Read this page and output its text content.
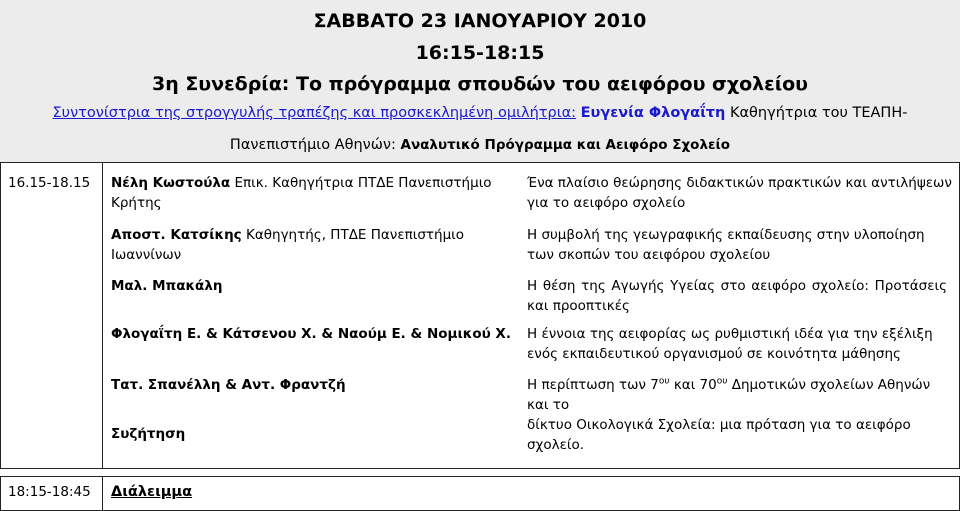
ΣΑΒΒΑΤΟ 23 ΙΑΝΟΥΑΡΙΟΥ 2010
16:15-18:15
3η Συνεδρία: Το πρόγραμμα σπουδών του αειφόρου σχολείου
Συντονίστρια της στρογγυλής τραπέζης και προσκεκλημένη ομιλήτρια: Ευγενία Φλογαΐτη Καθηγήτρια του ΤΕΑΠΗ-
Πανεπιστήμιο Αθηνών: Αναλυτικό Πρόγραμμα και Αειφόρο Σχολείο
16.15-18.15 Νέλη Κωστούλα Επικ. Καθηγήτρια ΠΤΔΕ Πανεπιστήμιο Κρήτης
Ένα πλαίσιο θεώρησης διδακτικών πρακτικών και αντιλήψεων για το αειφόρο σχολείο
Αποστ. Κατσίκης Καθηγητής, ΠΤΔΕ Πανεπιστήμιο Ιωαννίνων
Η συμβολή της γεωγραφικής εκπαίδευσης στην υλοποίηση των σκοπών του αειφόρου σχολείου
Μαλ. Μπακάλη	Η θέση της Αγωγής Υγείας στο αειφόρο σχολείο: Προτάσεις και προοπτικές
Φλογαΐτη Ε. & Κάτσενου Χ. & Ναούμ Ε. & Νομικού Χ. Η έννοια της αειφορίας ως ρυθμιστική ιδέα για την εξέλιξη ενός εκπαιδευτικού οργανισμού σε κοινότητα μάθησης
Τατ. Σπανέλλη & Αντ. Φραντζή	Η περίπτωση των $7^{o\upsilon}$ και $70^{o\upsilon}$ Δημοτικών σχολείων Αθηνών και το
δίκτυο Οικολογικά Σχολεία: μια πρόταση για το αειφόρο σχολείο.
Συζήτηση
18:15-18:45 Διάλειμμα
